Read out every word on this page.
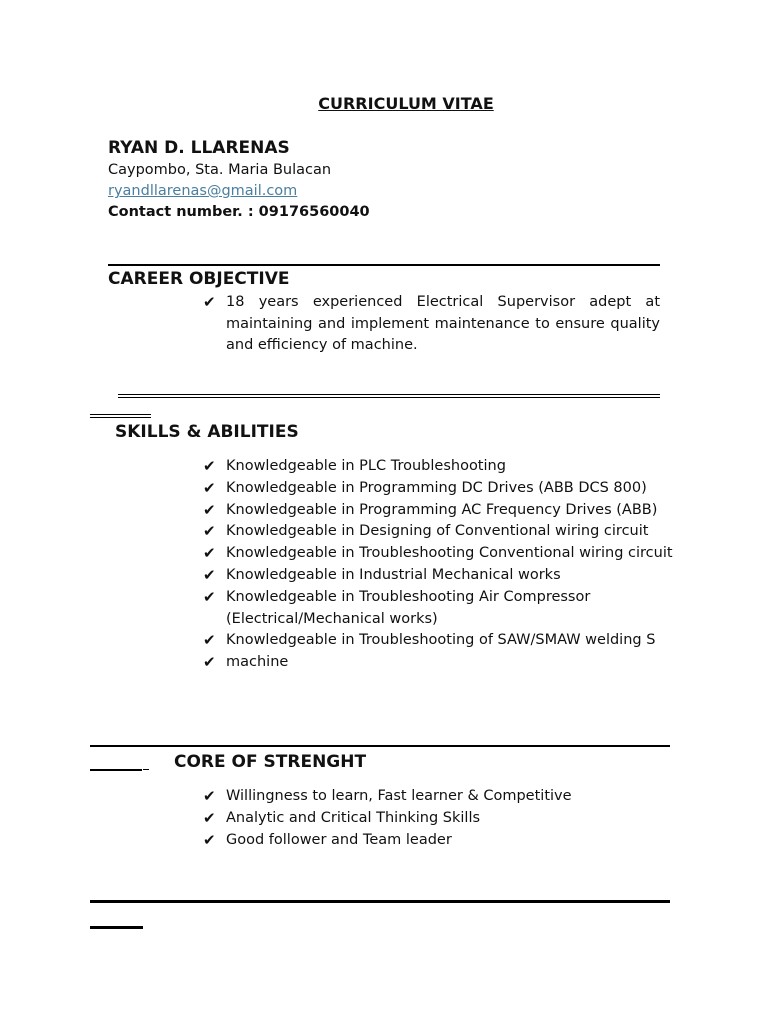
CURRICULUM VITAE
RYAN D. LLARENAS
Caypombo, Sta. Maria Bulacan
ryandllarenas@gmail.com
Contact number. : 09176560040
CAREER OBJECTIVE
✔ 18 years experienced Electrical Supervisor adept at maintaining and implement maintenance to ensure quality and efficiency of machine.
SKILLS & ABILITIES
✔ Knowledgeable in PLC Troubleshooting
✔ Knowledgeable in Programming DC Drives (ABB DCS 800)
✔ Knowledgeable in Programming AC Frequency Drives (ABB)
✔ Knowledgeable in Designing of Conventional wiring circuit
✔ Knowledgeable in Troubleshooting Conventional wiring circuit
✔ Knowledgeable in Industrial Mechanical works
✔ Knowledgeable in Troubleshooting Air Compressor (Electrical/Mechanical works)
✔ Knowledgeable in Troubleshooting of SAW/SMAW welding S
✔ machine
CORE OF STRENGHT
✔ Willingness to learn, Fast learner & Competitive
✔ Analytic and Critical Thinking Skills
✔ Good follower and Team leader
